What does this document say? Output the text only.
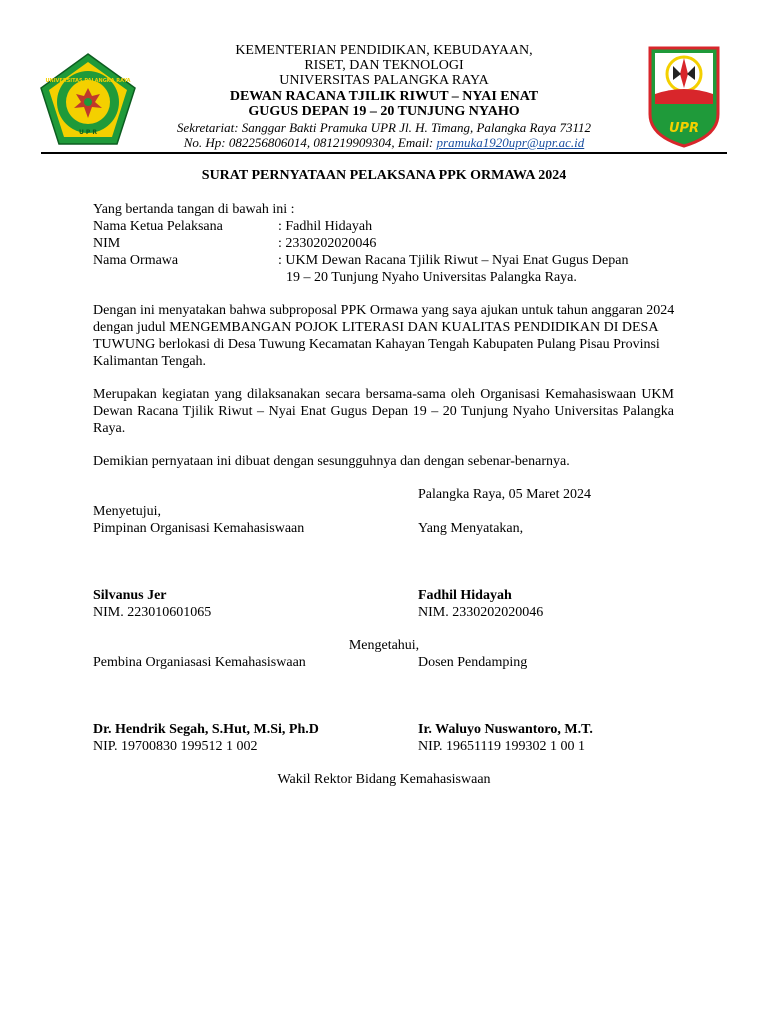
UNIVERSITAS PALANGKA RAYA
U P R	UPR
KEMENTERIAN PENDIDIKAN, KEBUDAYAAN,
RISET, DAN TEKNOLOGI
UNIVERSITAS PALANGKA RAYA
DEWAN RACANA TJILIK RIWUT – NYAI ENAT
GUGUS DEPAN 19 – 20 TUNJUNG NYAHO
Sekretariat: Sanggar Bakti Pramuka UPR Jl. H. Timang, Palangka Raya 73112
No. Hp: 082256806014, 081219909304, Email: pramuka1920upr@upr.ac.id
SURAT PERNYATAAN PELAKSANA PPK ORMAWA 2024
Yang bertanda tangan di bawah ini :
Nama Ketua Pelaksana	: Fadhil Hidayah
NIM	: 2330202020046
Nama Ormawa	: UKM Dewan Racana Tjilik Riwut – Nyai Enat Gugus Depan
19 – 20 Tunjung Nyaho Universitas Palangka Raya.
Dengan ini menyatakan bahwa subproposal PPK Ormawa yang saya ajukan untuk tahun anggaran 2024 dengan judul MENGEMBANGAN POJOK LITERASI DAN KUALITAS PENDIDIKAN DI DESA TUWUNG berlokasi di Desa Tuwung Kecamatan Kahayan Tengah Kabupaten Pulang Pisau Provinsi Kalimantan Tengah.
Merupakan kegiatan yang dilaksanakan secara bersama-sama oleh Organisasi Kemahasiswaan UKM Dewan Racana Tjilik Riwut – Nyai Enat Gugus Depan 19 – 20 Tunjung Nyaho Universitas Palangka Raya.
Demikian pernyataan ini dibuat dengan sesungguhnya dan dengan sebenar-benarnya.
Palangka Raya, 05 Maret 2024
Menyetujui,
Pimpinan Organisasi Kemahasiswaan	Yang Menyatakan,
Silvanus Jer
NIM. 223010601065
Fadhil Hidayah
NIM. 2330202020046
Mengetahui,
Pembina Organiasasi Kemahasiswaan	Dosen Pendamping
Dr. Hendrik Segah, S.Hut, M.Si, Ph.D
NIP. 19700830 199512 1 002
Ir. Waluyo Nuswantoro, M.T.
NIP. 19651119 199302 1 00 1
Wakil Rektor Bidang Kemahasiswaan
